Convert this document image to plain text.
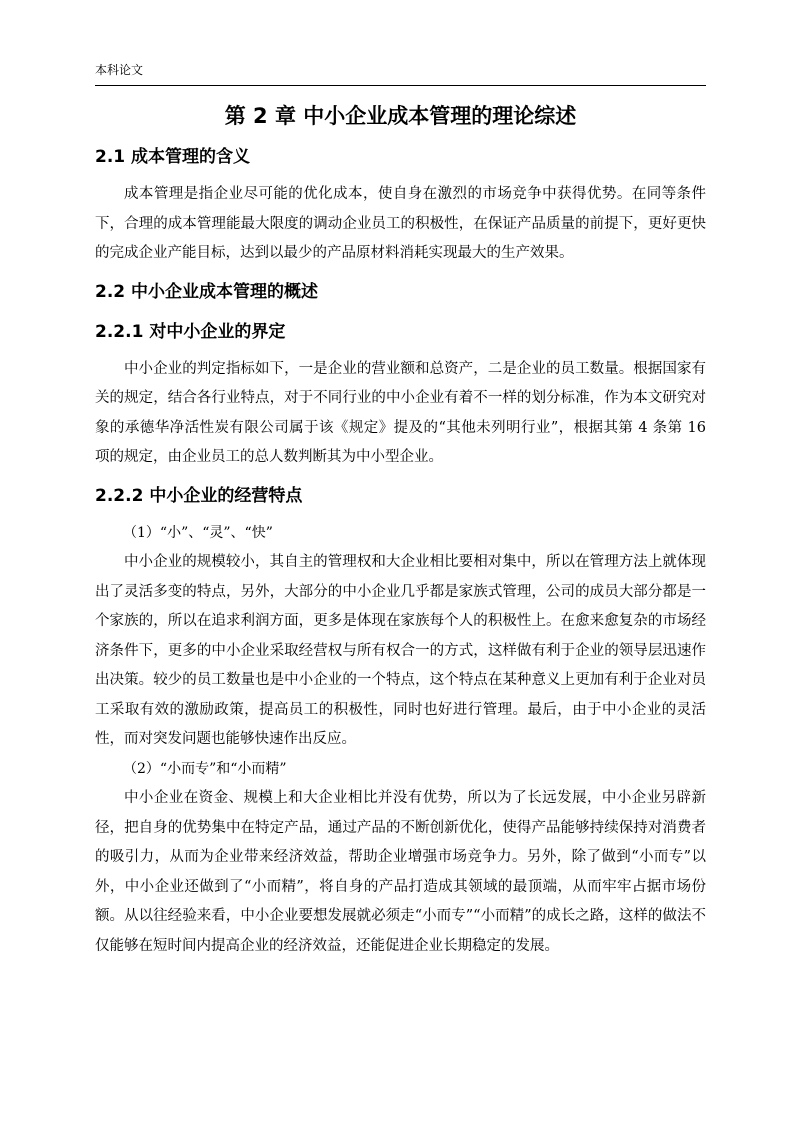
本科论文

第 2 章 中小企业成本管理的理论综述
2.1 成本管理的含义

成本管理是指企业尽可能的优化成本，使自身在激烈的市场竞争中获得优势。在同等条件下，合理的成本管理能最大限度的调动企业员工的积极性，在保证产品质量的前提下，更好更快的完成企业产能目标，达到以最少的产品原材料消耗实现最大的生产效果。

2.2 中小企业成本管理的概述
2.2.1 对中小企业的界定

中小企业的判定指标如下，一是企业的营业额和总资产，二是企业的员工数量。根据国家有关的规定，结合各行业特点，对于不同行业的中小企业有着不一样的划分标准，作为本文研究对象的承德华净活性炭有限公司属于该《规定》提及的“其他未列明行业”，根据其第 4 条第 16 项的规定，由企业员工的总人数判断其为中小型企业。

2.2.2 中小企业的经营特点

（1）“小”、“灵”、“快”

中小企业的规模较小，其自主的管理权和大企业相比要相对集中，所以在管理方法上就体现出了灵活多变的特点，另外，大部分的中小企业几乎都是家族式管理，公司的成员大部分都是一个家族的，所以在追求利润方面，更多是体现在家族每个人的积极性上。在愈来愈复杂的市场经济条件下，更多的中小企业采取经营权与所有权合一的方式，这样做有利于企业的领导层迅速作出决策。较少的员工数量也是中小企业的一个特点，这个特点在某种意义上更加有利于企业对员工采取有效的激励政策，提高员工的积极性，同时也好进行管理。最后，由于中小企业的灵活性，而对突发问题也能够快速作出反应。

（2）“小而专”和“小而精”

中小企业在资金、规模上和大企业相比并没有优势，所以为了长远发展，中小企业另辟新径，把自身的优势集中在特定产品，通过产品的不断创新优化，使得产品能够持续保持对消费者的吸引力，从而为企业带来经济效益，帮助企业增强市场竞争力。另外，除了做到“小而专”以外，中小企业还做到了“小而精”，将自身的产品打造成其领域的最顶端，从而牢牢占据市场份额。从以往经验来看，中小企业要想发展就必须走“小而专”“小而精”的成长之路，这样的做法不仅能够在短时间内提高企业的经济效益，还能促进企业长期稳定的发展。
